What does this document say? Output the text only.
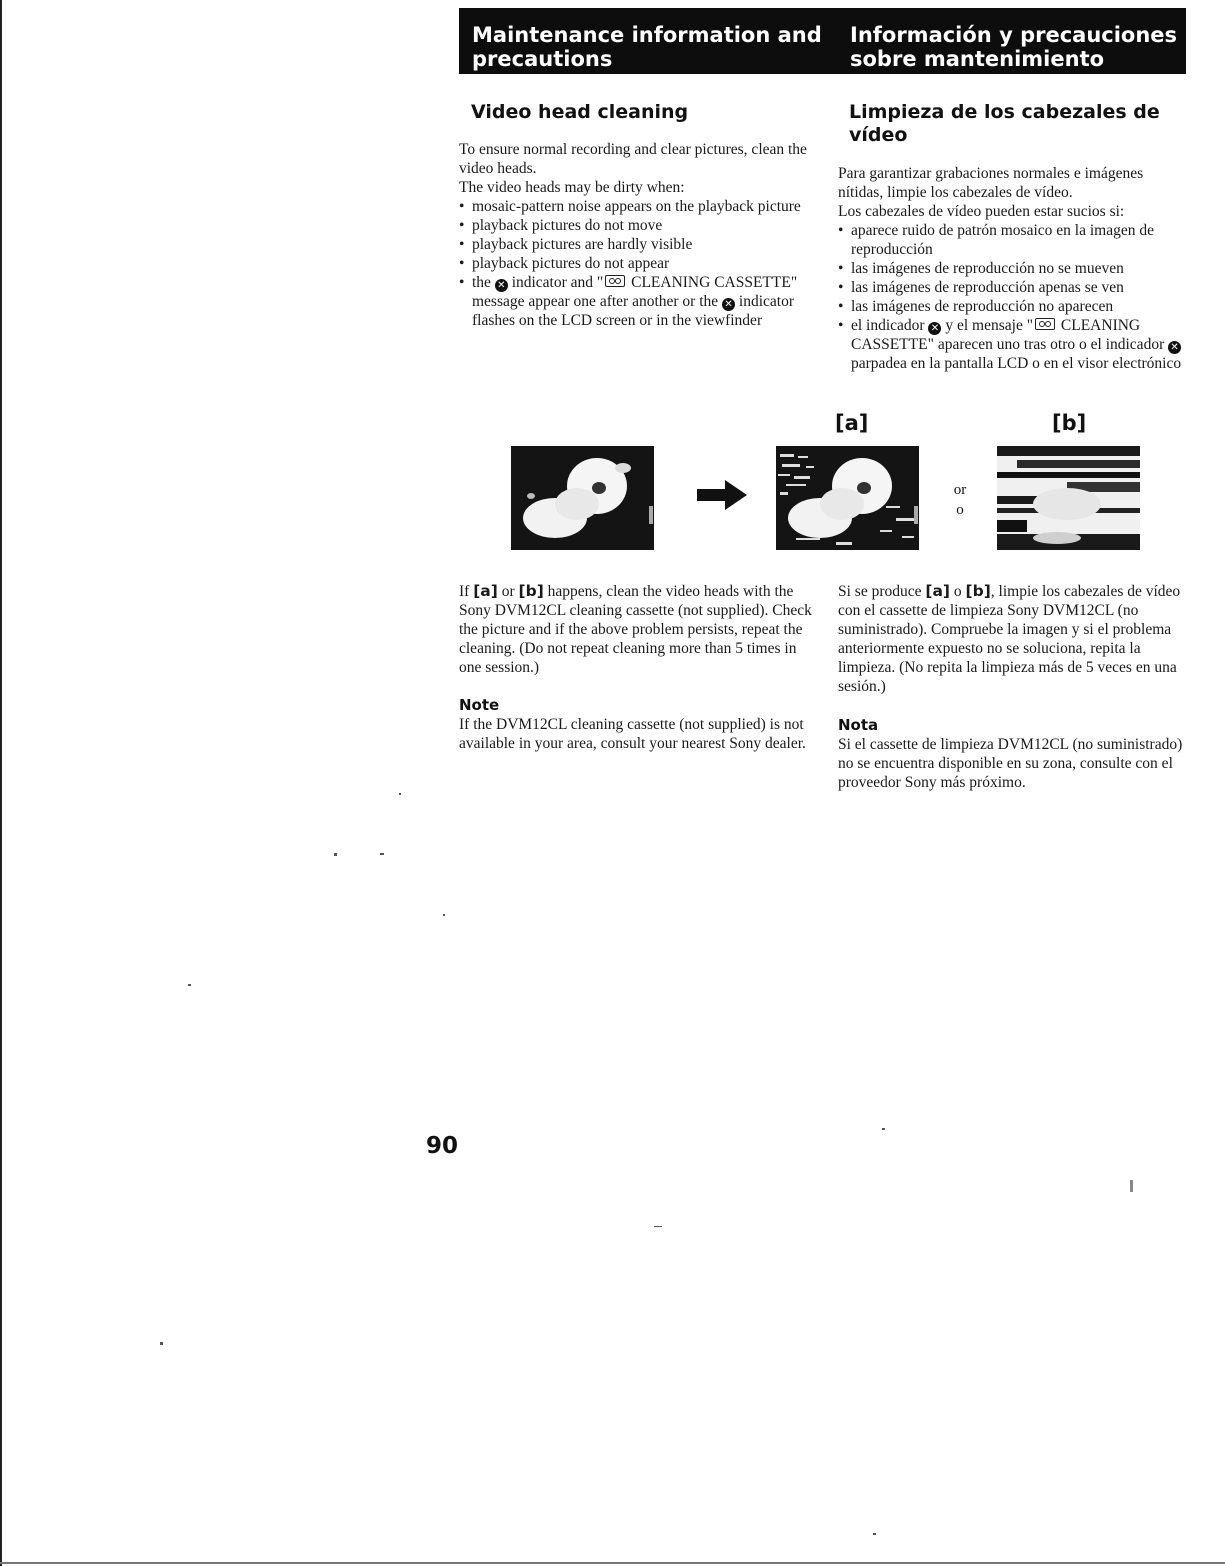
Maintenance information and precautions
Información y precauciones sobre mantenimiento
Video head cleaning	Limpieza de los cabezales de vídeo

To ensure normal recording and clear pictures, clean the video heads.

The video heads may be dirty when:

• mosaic-pattern noise appears on the playback picture
• playback pictures do not move
• playback pictures are hardly visible
• playback pictures do not appear
• the ✕ indicator and " CLEANING CASSETTE" message appear one after another or the ✕ indicator flashes on the LCD screen or in the viewfinder

Para garantizar grabaciones normales e imágenes nítidas, limpie los cabezales de vídeo.

Los cabezales de vídeo pueden estar sucios si:

• aparece ruido de patrón mosaico en la imagen de reproducción
• las imágenes de reproducción no se mueven
• las imágenes de reproducción apenas se ven
• las imágenes de reproducción no aparecen
• el indicador ✕ y el mensaje " CLEANING CASSETTE" aparecen uno tras otro o el indicador ✕ parpadea en la pantalla LCD o en el visor electrónico
[a]	[b]
or
o

If [a] or [b] happens, clean the video heads with the Sony DVM12CL cleaning cassette (not supplied). Check the picture and if the above problem persists, repeat the cleaning. (Do not repeat cleaning more than 5 times in one session.)

Note
If the DVM12CL cleaning cassette (not supplied) is not available in your area, consult your nearest Sony dealer.

Si se produce [a] o [b], limpie los cabezales de vídeo con el cassette de limpieza Sony DVM12CL (no suministrado). Compruebe la imagen y si el problema anteriormente expuesto no se soluciona, repita la limpieza. (No repita la limpieza más de 5 veces en una sesión.)

Nota
Si el cassette de limpieza DVM12CL (no suministrado) no se encuentra disponible en su zona, consulte con el proveedor Sony más próximo.
90
